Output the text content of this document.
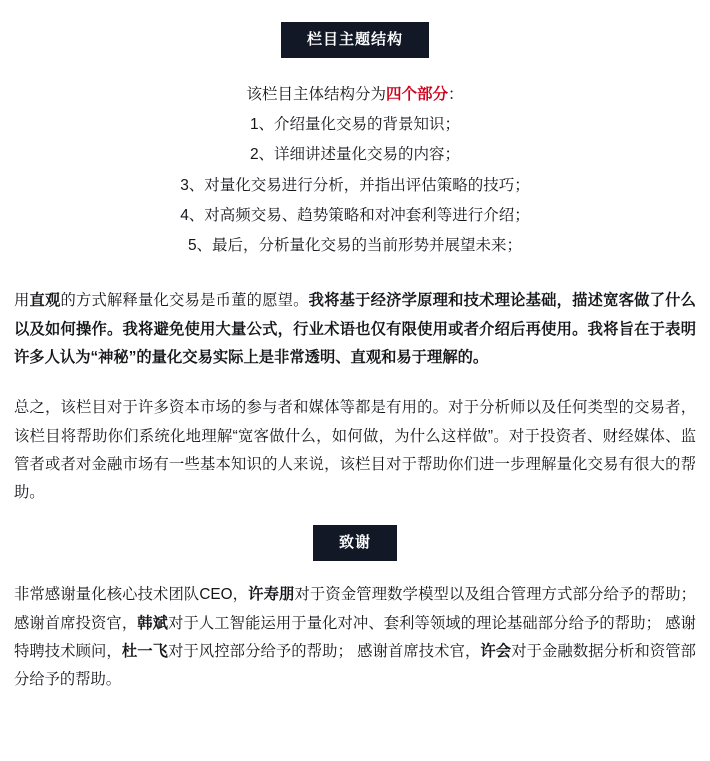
栏目主题结构
该栏目主体结构分为四个部分：
1、介绍量化交易的背景知识；
2、详细讲述量化交易的内容；
3、对量化交易进行分析，并指出评估策略的技巧；
4、对高频交易、趋势策略和对冲套利等进行介绍；
5、最后，分析量化交易的当前形势并展望未来；

用直观的方式解释量化交易是币董的愿望。我将基于经济学原理和技术理论基础，描述宽客做了什么以及如何操作。我将避免使用大量公式，行业术语也仅有限使用或者介绍后再使用。我将旨在于表明许多人认为“神秘”的量化交易实际上是非常透明、直观和易于理解的。

总之，该栏目对于许多资本市场的参与者和媒体等都是有用的。对于分析师以及任何类型的交易者，该栏目将帮助你们系统化地理解“宽客做什么，如何做，为什么这样做”。对于投资者、财经媒体、监管者或者对金融市场有一些基本知识的人来说，该栏目对于帮助你们进一步理解量化交易有很大的帮助。

致谢

非常感谢量化核心技术团队CEO，许寿朋对于资金管理数学模型以及组合管理方式部分给予的帮助；感谢首席投资官，韩斌对于人工智能运用于量化对冲、套利等领域的理论基础部分给予的帮助； 感谢特聘技术顾问，杜一飞对于风控部分给予的帮助； 感谢首席技术官，许会对于金融数据分析和资管部分给予的帮助。
